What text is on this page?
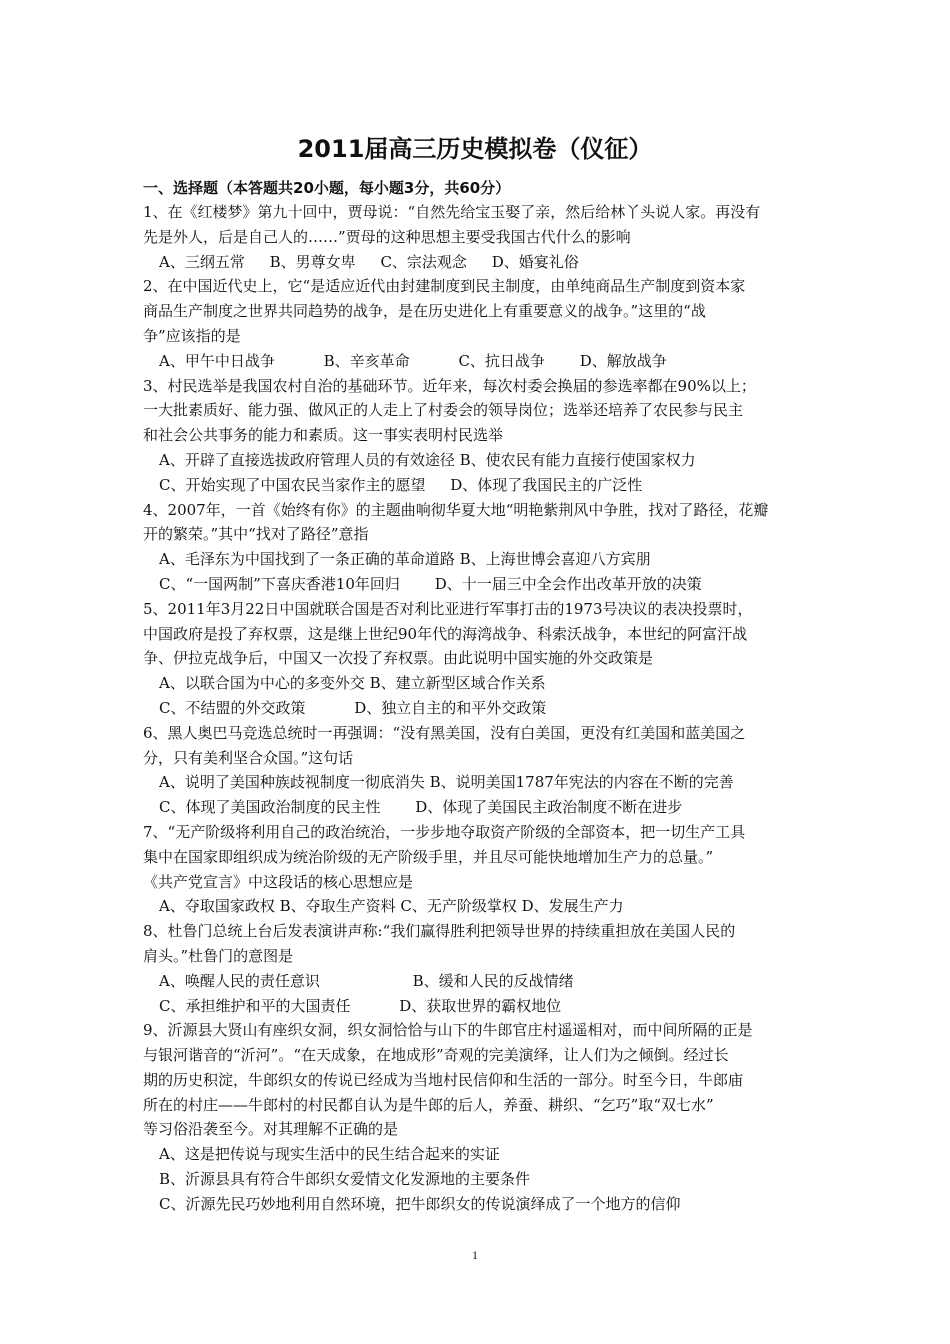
2011届高三历史模拟卷（仪征）
一、选择题（本答题共20小题，每小题3分，共60分）
1、在《红楼梦》第九十回中，贾母说：“自然先给宝玉娶了亲，然后给林丫头说人家。再没有
先是外人，后是自己人的……”贾母的这种思想主要受我国古代什么的影响
A、三纲五常 B、男尊女卑 C、宗法观念 D、婚宴礼俗
2、在中国近代史上，它“是适应近代由封建制度到民主制度，由单纯商品生产制度到资本家
商品生产制度之世界共同趋势的战争，是在历史进化上有重要意义的战争。”这里的“战
争”应该指的是
A、甲午中日战争	B、辛亥革命	C、抗日战争 D、解放战争
3、村民选举是我国农村自治的基础环节。近年来，每次村委会换届的参选率都在90%以上；
一大批素质好、能力强、做风正的人走上了村委会的领导岗位；选举还培养了农民参与民主
和社会公共事务的能力和素质。这一事实表明村民选举
A、开辟了直接选拔政府管理人员的有效途径 B、使农民有能力直接行使国家权力
C、开始实现了中国农民当家作主的愿望 D、体现了我国民主的广泛性
4、2007年，一首《始终有你》的主题曲响彻华夏大地“明艳紫荆风中争胜，找对了路径，花瓣
开的繁荣。”其中“找对了路径”意指
A、毛泽东为中国找到了一条正确的革命道路 B、上海世博会喜迎八方宾朋
C、“一国两制”下喜庆香港10年回归 D、十一届三中全会作出改革开放的决策
5、2011年3月22日中国就联合国是否对利比亚进行军事打击的1973号决议的表决投票时，
中国政府是投了弃权票，这是继上世纪90年代的海湾战争、科索沃战争，本世纪的阿富汗战
争、伊拉克战争后，中国又一次投了弃权票。由此说明中国实施的外交政策是
A、以联合国为中心的多变外交 B、建立新型区域合作关系
C、不结盟的外交政策	D、独立自主的和平外交政策
6、黑人奥巴马竞选总统时一再强调：“没有黑美国，没有白美国，更没有红美国和蓝美国之
分，只有美利坚合众国。”这句话
A、说明了美国种族歧视制度一彻底消失 B、说明美国1787年宪法的内容在不断的完善
C、体现了美国政治制度的民主性 D、体现了美国民主政治制度不断在进步
7、“无产阶级将利用自己的政治统治，一步步地夺取资产阶级的全部资本，把一切生产工具
集中在国家即组织成为统治阶级的无产阶级手里，并且尽可能快地增加生产力的总量。”
《共产党宣言》中这段话的核心思想应是
A、夺取国家政权 B、夺取生产资料 C、无产阶级掌权 D、发展生产力
8、杜鲁门总统上台后发表演讲声称:“我们赢得胜利把领导世界的持续重担放在美国人民的
肩头。”杜鲁门的意图是
A、唤醒人民的责任意识	B、缓和人民的反战情绪
C、承担维护和平的大国责任	D、获取世界的霸权地位
9、沂源县大贤山有座织女洞，织女洞恰恰与山下的牛郎官庄村遥遥相对，而中间所隔的正是
与银河谐音的“沂河”。“在天成象，在地成形”奇观的完美演绎，让人们为之倾倒。经过长
期的历史积淀，牛郎织女的传说已经成为当地村民信仰和生活的一部分。时至今日，牛郎庙
所在的村庄——牛郎村的村民都自认为是牛郎的后人，养蚕、耕织、“乞巧”取“双七水”
等习俗沿袭至今。对其理解不正确的是
A、这是把传说与现实生活中的民生结合起来的实证
B、沂源县具有符合牛郎织女爱情文化发源地的主要条件
C、沂源先民巧妙地利用自然环境，把牛郎织女的传说演绎成了一个地方的信仰
1
